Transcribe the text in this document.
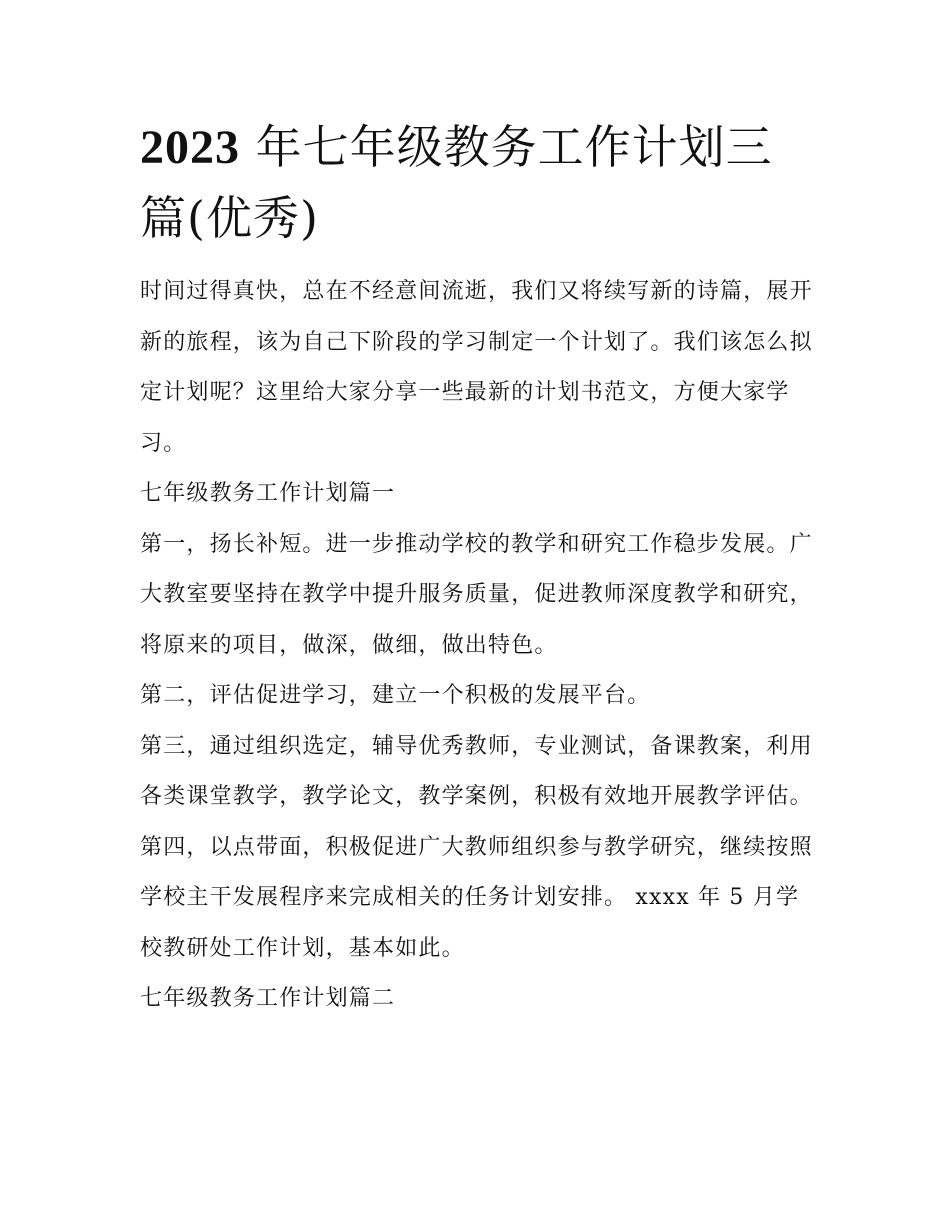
2023 年七年级教务工作计划三篇(优秀)

时间过得真快，总在不经意间流逝，我们又将续写新的诗篇，展开新的旅程，该为自己下阶段的学习制定一个计划了。我们该怎么拟定计划呢？这里给大家分享一些最新的计划书范文，方便大家学习。

七年级教务工作计划篇一

第一，扬长补短。进一步推动学校的教学和研究工作稳步发展。广大教室要坚持在教学中提升服务质量，促进教师深度教学和研究，将原来的项目，做深，做细，做出特色。

第二，评估促进学习，建立一个积极的发展平台。

第三，通过组织选定，辅导优秀教师，专业测试，备课教案，利用各类课堂教学，教学论文，教学案例，积极有效地开展教学评估。

第四，以点带面，积极促进广大教师组织参与教学研究，继续按照学校主干发展程序来完成相关的任务计划安排。 xxxx 年 5 月学校教研处工作计划，基本如此。

七年级教务工作计划篇二
